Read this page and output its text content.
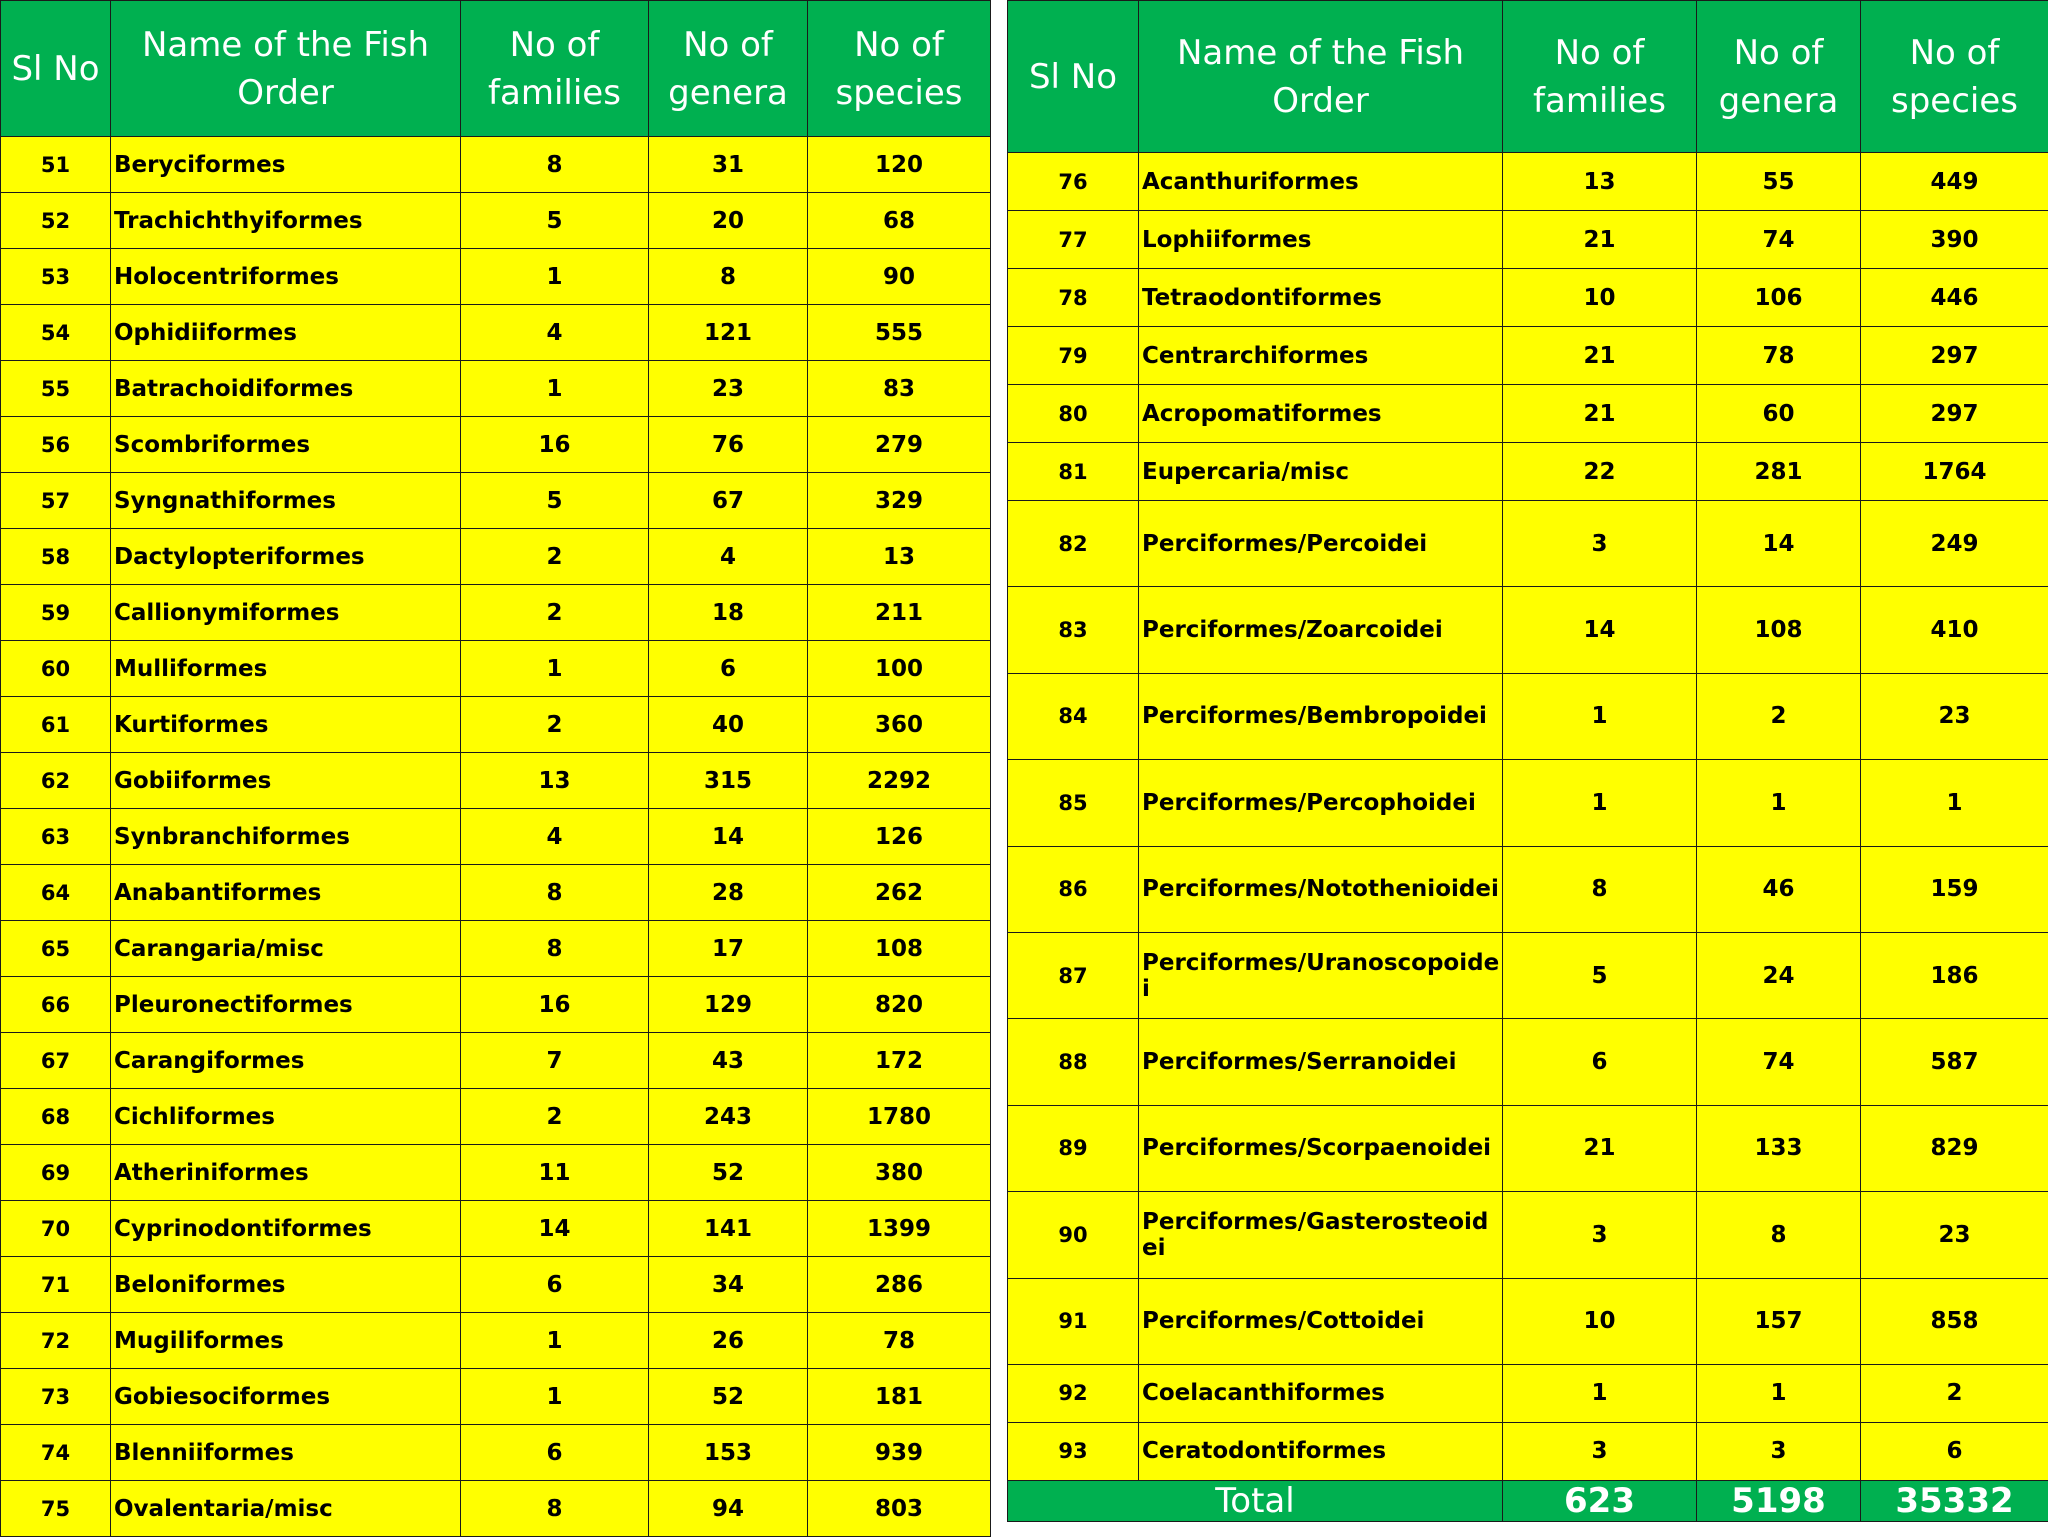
Sl No	Name of the Fish Order	No of families	No of genera	No of species
51	Beryciformes	8	31	120
52	Trachichthyiformes	5	20	68
53	Holocentriformes	1	8	90
54	Ophidiiformes	4	121	555
55	Batrachoidiformes	1	23	83
56	Scombriformes	16	76	279
57	Syngnathiformes	5	67	329
58	Dactylopteriformes	2	4	13
59	Callionymiformes	2	18	211
60	Mulliformes	1	6	100
61	Kurtiformes	2	40	360
62	Gobiiformes	13	315	2292
63	Synbranchiformes	4	14	126
64	Anabantiformes	8	28	262
65	Carangaria/misc	8	17	108
66	Pleuronectiformes	16	129	820
67	Carangiformes	7	43	172
68	Cichliformes	2	243	1780
69	Atheriniformes	11	52	380
70	Cyprinodontiformes	14	141	1399
71	Beloniformes	6	34	286
72	Mugiliformes	1	26	78
73	Gobiesociformes	1	52	181
74	Blenniiformes	6	153	939
75	Ovalentaria/misc	8	94	803
Sl No	Name of the Fish Order	No of families	No of genera	No of species
76	Acanthuriformes	13	55	449
77	Lophiiformes	21	74	390
78	Tetraodontiformes	10	106	446
79	Centrarchiformes	21	78	297
80	Acropomatiformes	21	60	297
81	Eupercaria/misc	22	281	1764
82	Perciformes/Percoidei	3	14	249
83	Perciformes/Zoarcoidei	14	108	410
84	Perciformes/Bembropoidei	1	2	23
85	Perciformes/Percophoidei	1	1	1
86	Perciformes/Notothenioidei	8	46	159
87	Perciformes/Uranoscopoidei	5	24	186
88	Perciformes/Serranoidei	6	74	587
89	Perciformes/Scorpaenoidei	21	133	829
90	Perciformes/Gasterosteoidei	3	8	23
91	Perciformes/Cottoidei	10	157	858
92	Coelacanthiformes	1	1	2
93	Ceratodontiformes	3	3	6
Total		623	5198	35332
